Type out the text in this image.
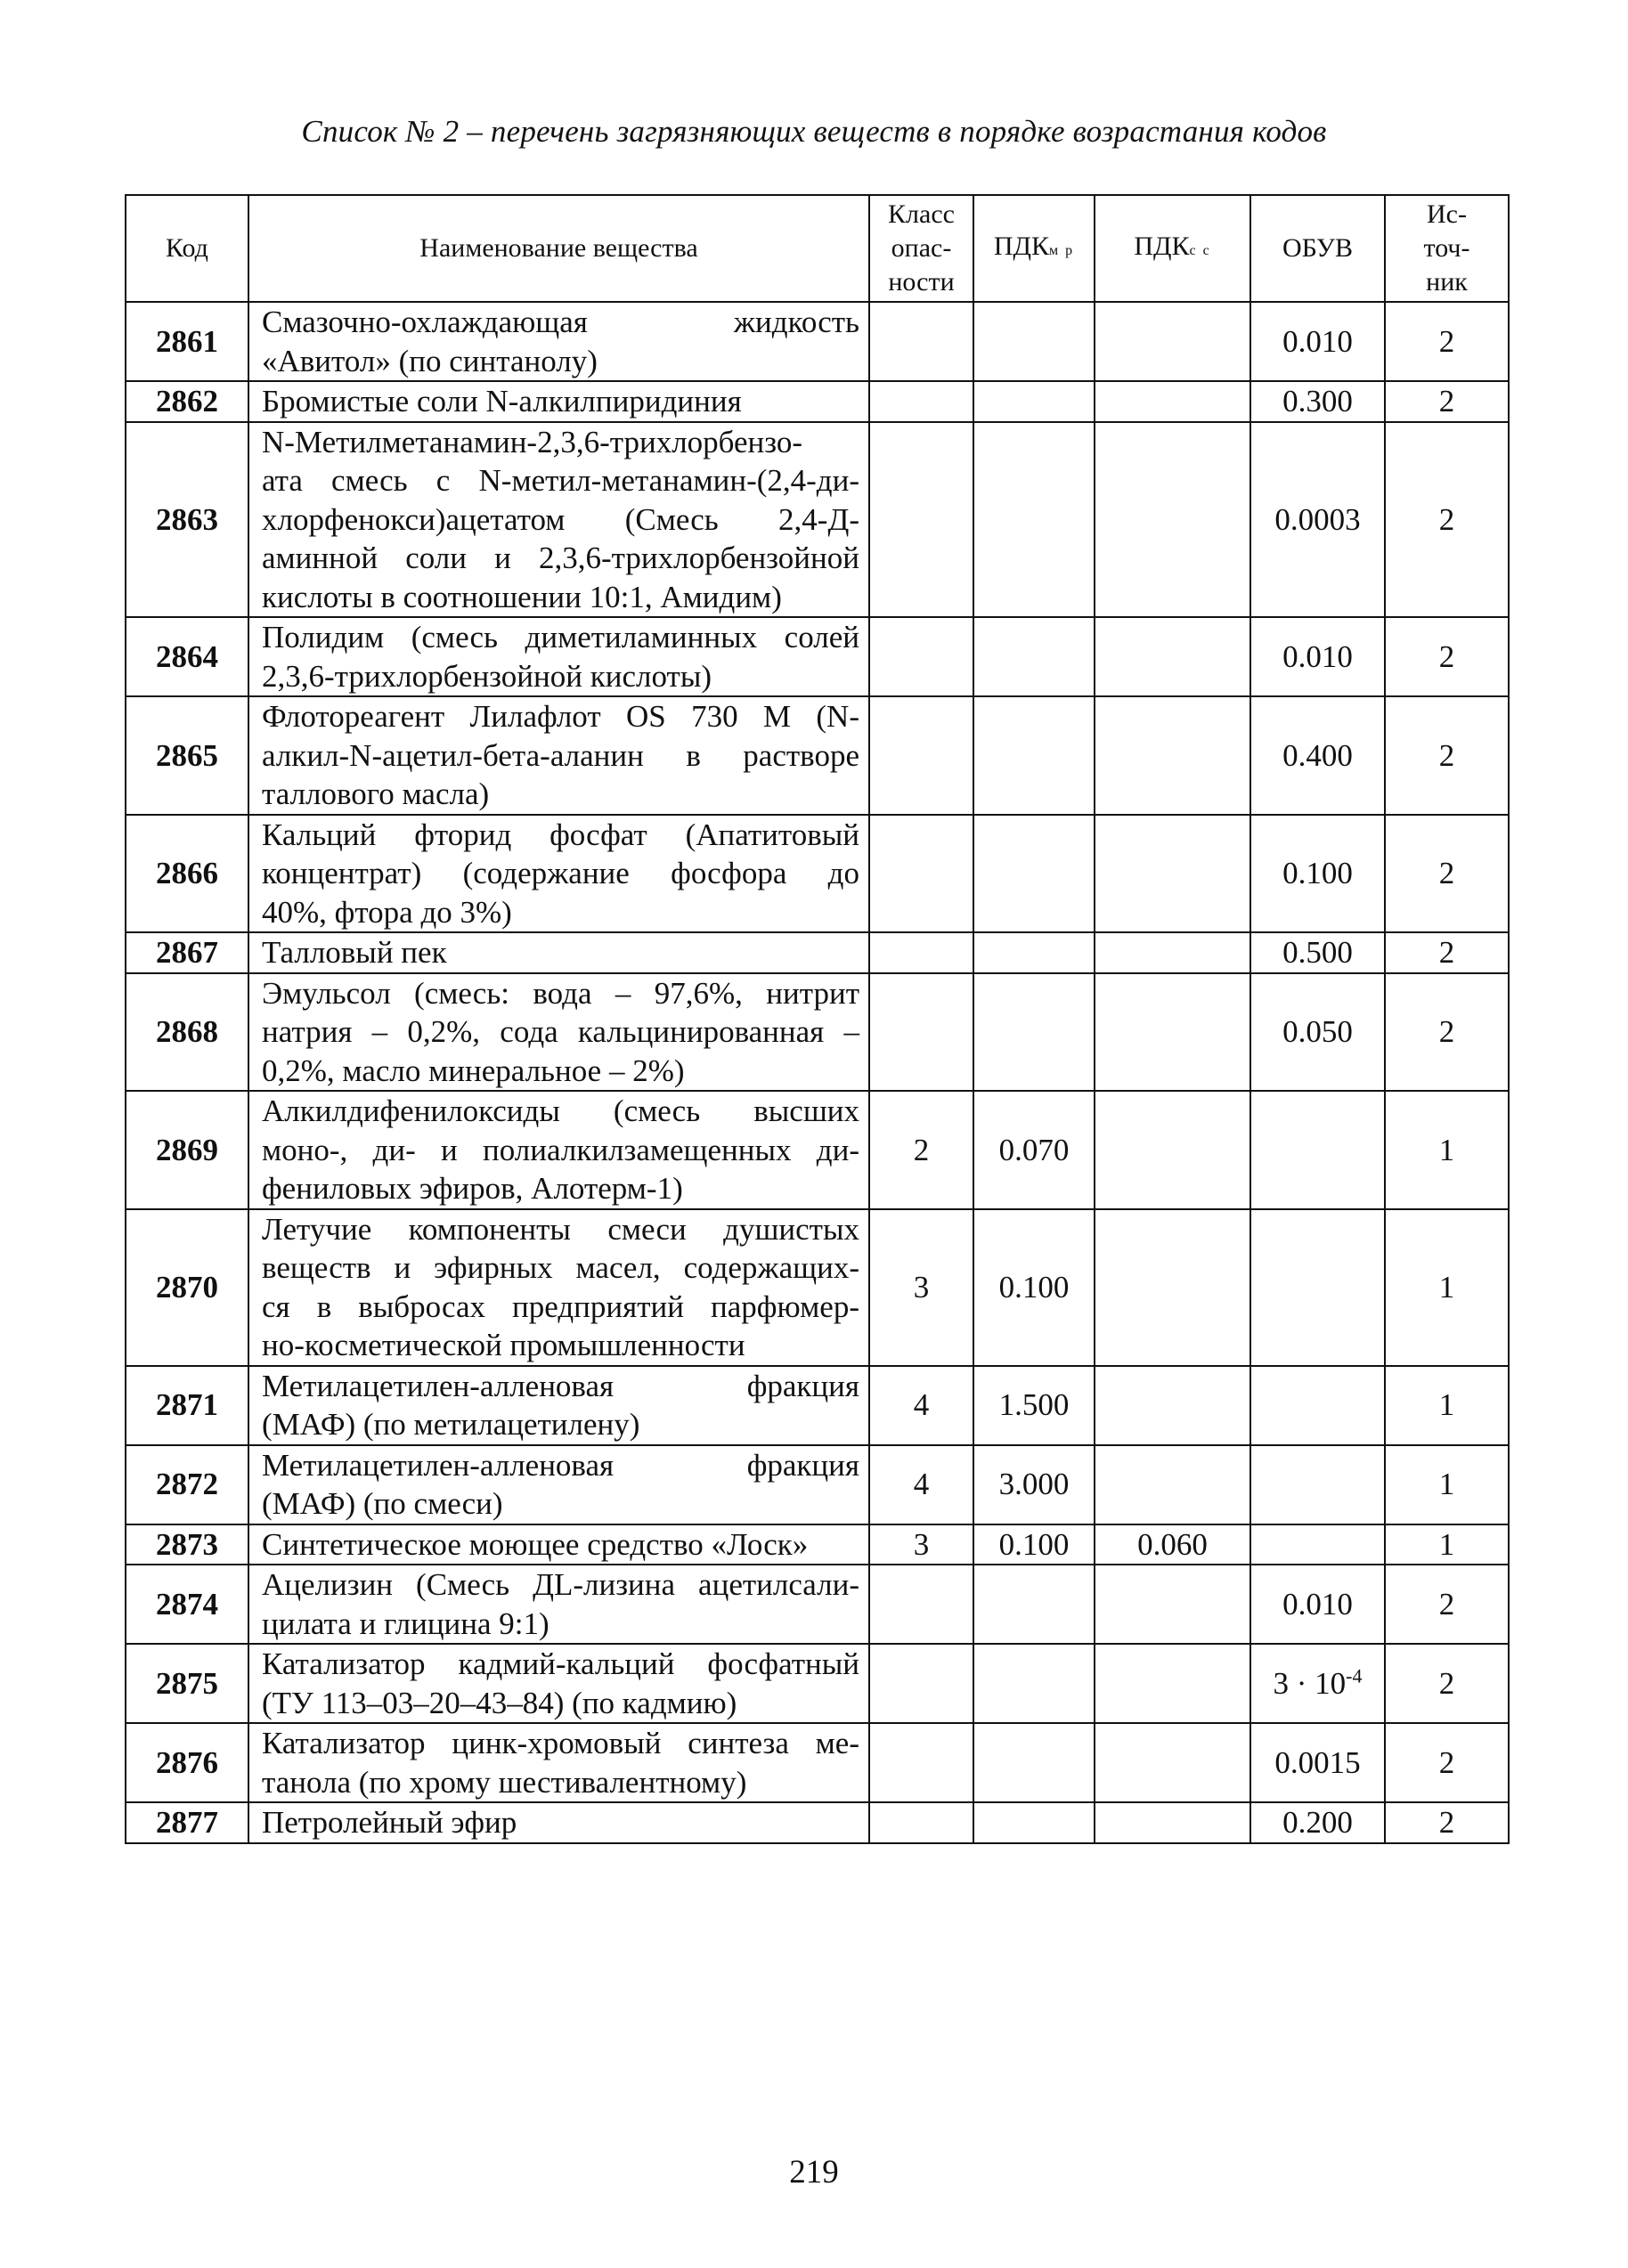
Список № 2 – перечень загрязняющих веществ в порядке возрастания кодов
Код	Наименование вещества	Класс
опас-
ности	ПДКм р	ПДКс с	ОБУВ	Ис-
точ-
ник
2861	Смазочно-охлаждающая жидкость
«Авитол» (по синтанолу)				0.010	2
2862	Бромистые соли N-алкилпиридиния				0.300	2
2863	N-Метилметанамин-2,3,6-трихлорбензо-
ата смесь с N-метил-метанамин-(2,4-ди-
хлорфенокси)ацетатом (Смесь 2,4-Д-
аминной соли и 2,3,6-трихлорбензойной
кислоты в соотношении 10:1, Амидим)				0.0003	2
2864	Полидим (смесь диметиламинных солей
2,3,6-трихлорбензойной кислоты)				0.010	2
2865	Флотореагент Лилафлот OS 730 M (N-
алкил-N-ацетил-бета-аланин в растворе
таллового масла)				0.400	2
2866	Кальций фторид фосфат (Апатитовый
концентрат) (содержание фосфора до
40%, фтора до 3%)				0.100	2
2867	Талловый пек				0.500	2
2868	Эмульсол (смесь: вода – 97,6%, нитрит
натрия – 0,2%, сода кальцинированная –
0,2%, масло минеральное – 2%)				0.050	2
2869	Алкилдифенилоксиды (смесь высших
моно-, ди- и полиалкилзамещенных ди-
фениловых эфиров, Алотерм-1)	2	0.070			1
2870	Летучие компоненты смеси душистых
веществ и эфирных масел, содержащих-
ся в выбросах предприятий парфюмер-
но-косметической промышленности	3	0.100			1
2871	Метилацетилен-алленовая фракция
(МАФ) (по метилацетилену)	4	1.500			1
2872	Метилацетилен-алленовая фракция
(МАФ) (по смеси)	4	3.000			1
2873	Синтетическое моющее средство «Лоск»	3	0.100	0.060		1
2874	Ацелизин (Смесь ДL-лизина ацетилсали-
цилата и глицина 9:1)				0.010	2
2875	Катализатор кадмий-кальций фосфатный
(ТУ 113–03–20–43–84) (по кадмию)				$3 \cdot 10^{-4}$	2
2876	Катализатор цинк-хромовый синтеза ме-
танола (по хрому шестивалентному)				0.0015	2
2877	Петролейный эфир				0.200	2
219
